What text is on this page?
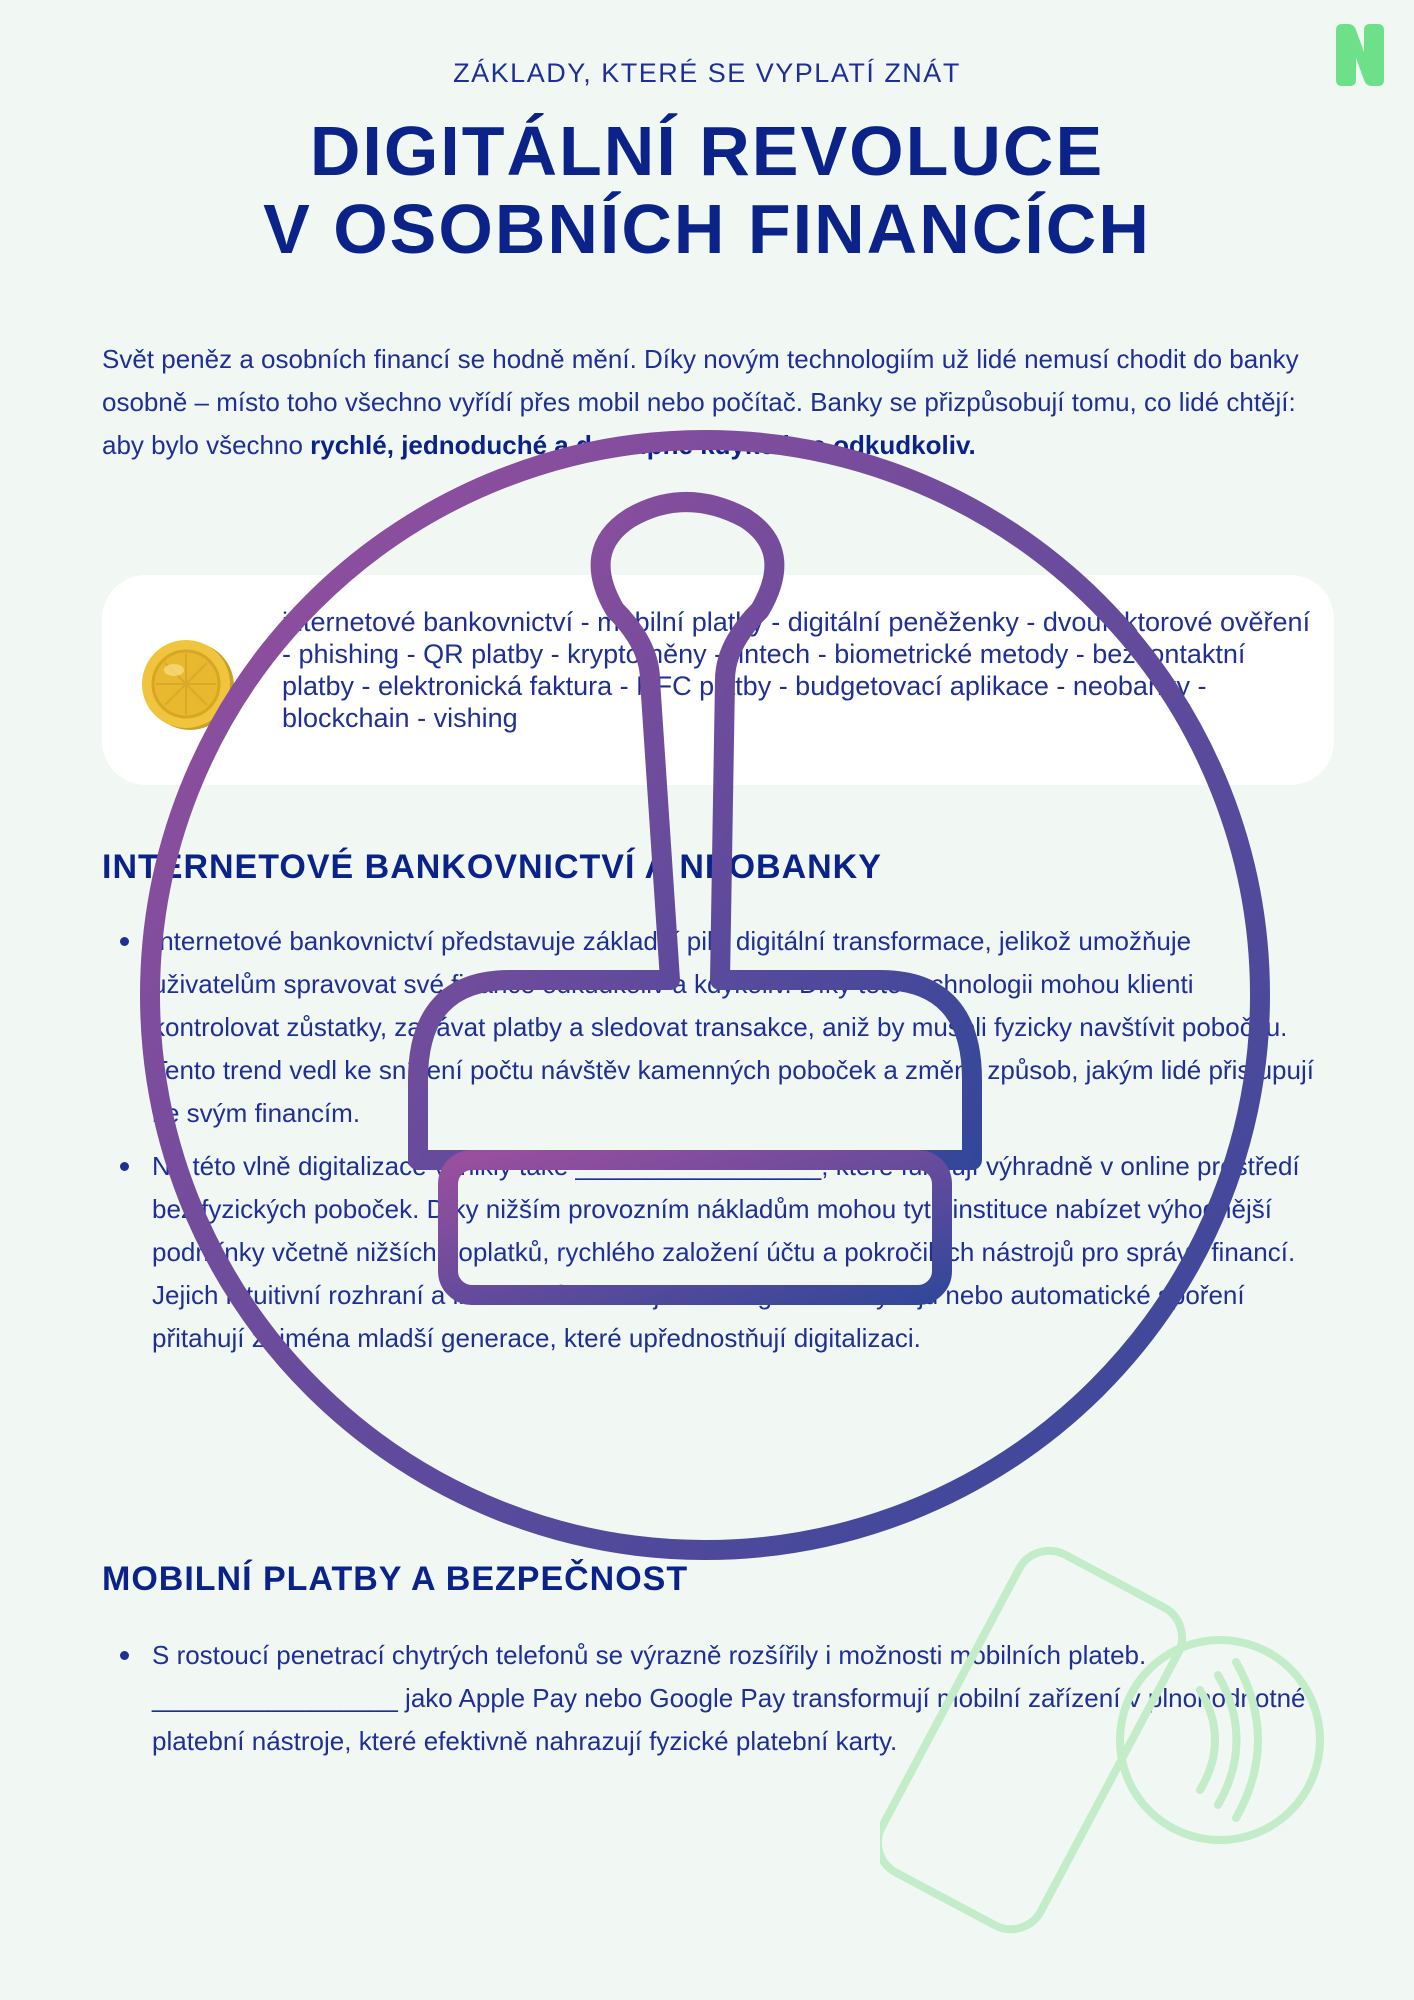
ZÁKLADY, KTERÉ SE VYPLATÍ ZNÁT
DIGITÁLNÍ REVOLUCE
V OSOBNÍCH FINANCÍCH

Svět peněz a osobních financí se hodně mění. Díky novým technologiím už lidé nemusí chodit do banky osobně – místo toho všechno vyřídí přes mobil nebo počítač. Banky se přizpůsobují tomu, co lidé chtějí: aby bylo všechno rychlé, jednoduché a dostupné kdykoliv a odkudkoliv.

internetové bankovnictví - mobilní platby - digitální peněženky - dvoufaktorové ověření - phishing - QR platby - kryptoměny - fintech - biometrické metody - bezkontaktní platby - elektronická faktura - NFC platby - budgetovací aplikace - neobanky - blockchain - vishing

INTERNETOVÉ BANKOVNICTVÍ A NEOBANKY
Internetové bankovnictví představuje základní pilíř digitální transformace, jelikož umožňuje uživatelům spravovat své finance odkudkoliv a kdykoliv. Díky této technologii mohou klienti kontrolovat zůstatky, zadávat platby a sledovat transakce, aniž by museli fyzicky navštívit pobočku. Tento trend vedl ke snížení počtu návštěv kamenných poboček a změnil způsob, jakým lidé přistupují ke svým financím.
Na této vlně digitalizace vznikly také _________________, které fungují výhradně v online prostředí bez fyzických poboček. Díky nižším provozním nákladům mohou tyto instituce nabízet výhodnější podmínky včetně nižších poplatků, rychlého založení účtu a pokročilých nástrojů pro správu financí. Jejich intuitivní rozhraní a inovativní funkce jako kategorizace výdajů nebo automatické spoření přitahují zejména mladší generace, které upřednostňují digitalizaci.
MOBILNÍ PLATBY A BEZPEČNOST
S rostoucí penetrací chytrých telefonů se výrazně rozšířily i možnosti mobilních plateb. _________________ jako Apple Pay nebo Google Pay transformují mobilní zařízení v plnohodnotné platební nástroje, které efektivně nahrazují fyzické platební karty.
